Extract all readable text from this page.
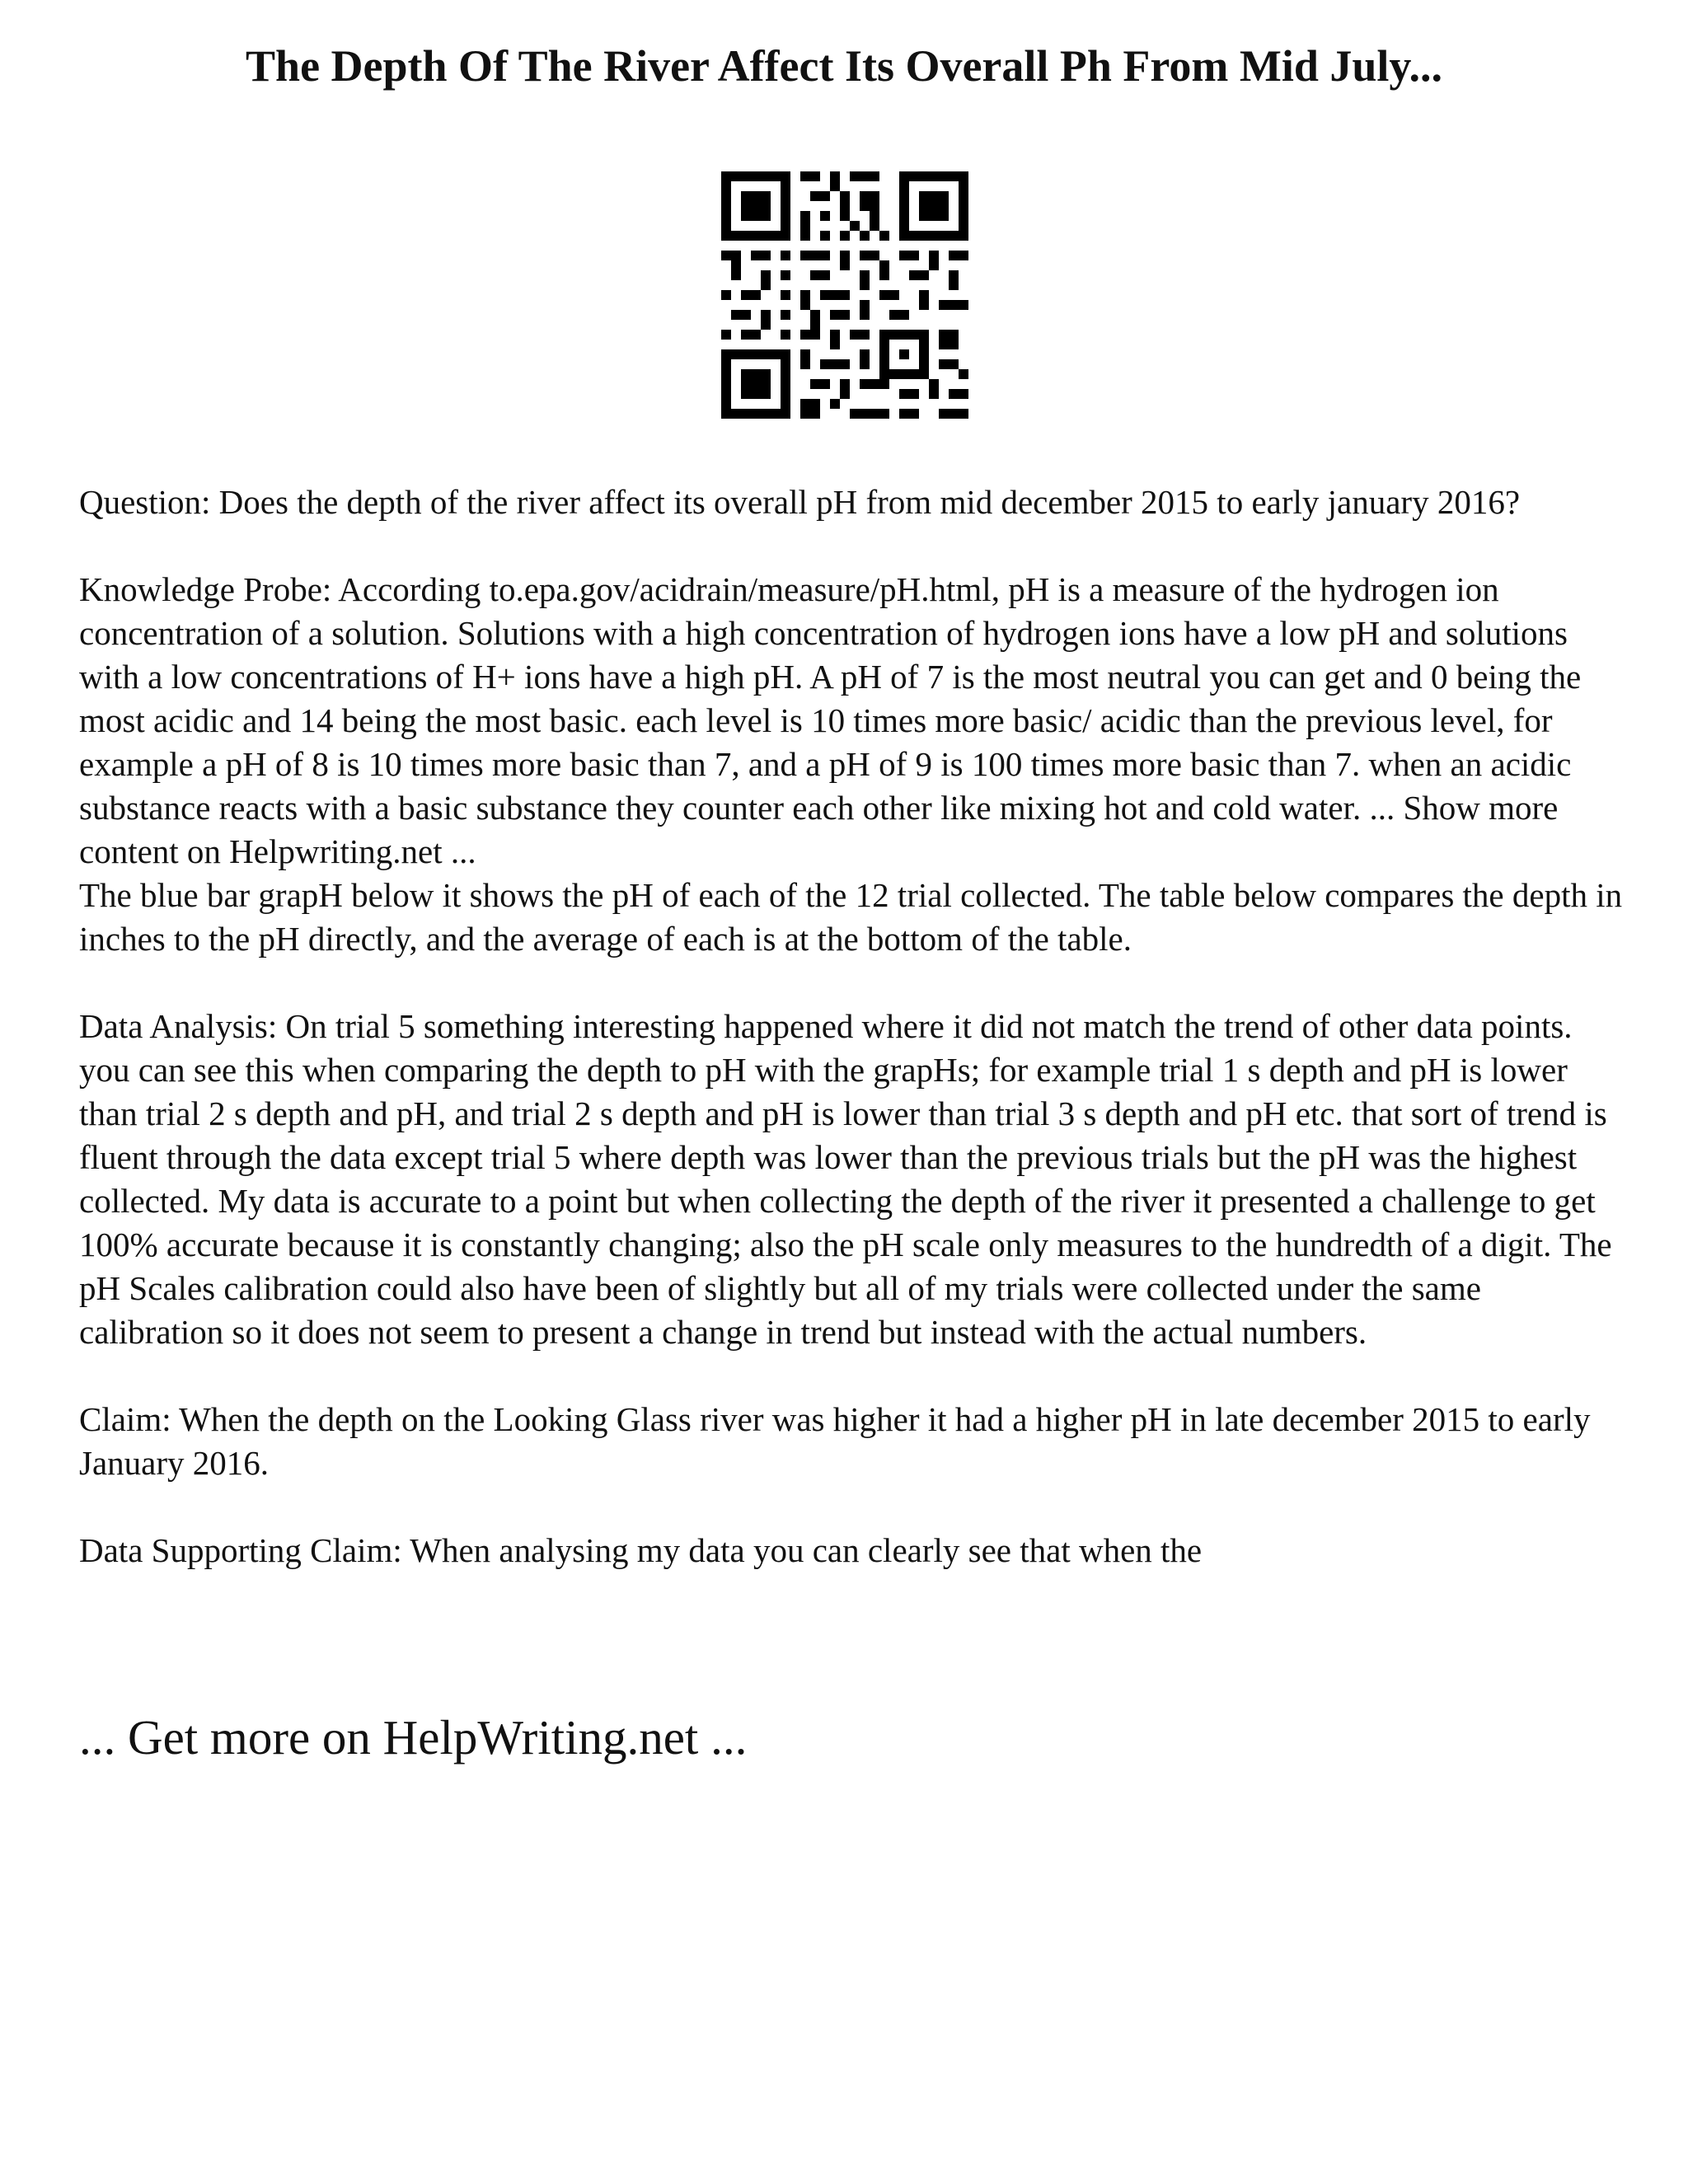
The Depth Of The River Affect Its Overall Ph From Mid July...

Question: Does the depth of the river affect its overall pH from mid december 2015 to early january 2016?

Knowledge Probe: According to.epa.gov/acidrain/measure/pH.html, pH is a measure of the hydrogen ion concentration of a solution. Solutions with a high concentration of hydrogen ions have a low pH and solutions with a low concentrations of H+ ions have a high pH. A pH of 7 is the most neutral you can get and 0 being the most acidic and 14 being the most basic. each level is 10 times more basic/ acidic than the previous level, for example a pH of 8 is 10 times more basic than 7, and a pH of 9 is 100 times more basic than 7. when an acidic substance reacts with a basic substance they counter each other like mixing hot and cold water. ... Show more content on Helpwriting.net ...

The blue bar grapH below it shows the pH of each of the 12 trial collected. The table below compares the depth in inches to the pH directly, and the average of each is at the bottom of the table.

Data Analysis: On trial 5 something interesting happened where it did not match the trend of other data points. you can see this when comparing the depth to pH with the grapHs; for example trial 1 s depth and pH is lower than trial 2 s depth and pH, and trial 2 s depth and pH is lower than trial 3 s depth and pH etc. that sort of trend is fluent through the data except trial 5 where depth was lower than the previous trials but the pH was the highest collected. My data is accurate to a point but when collecting the depth of the river it presented a challenge to get 100% accurate because it is constantly changing; also the pH scale only measures to the hundredth of a digit. The pH Scales calibration could also have been of slightly but all of my trials were collected under the same calibration so it does not seem to present a change in trend but instead with the actual numbers.

Claim: When the depth on the Looking Glass river was higher it had a higher pH in late december 2015 to early January 2016.

Data Supporting Claim: When analysing my data you can clearly see that when the

... Get more on HelpWriting.net ...
